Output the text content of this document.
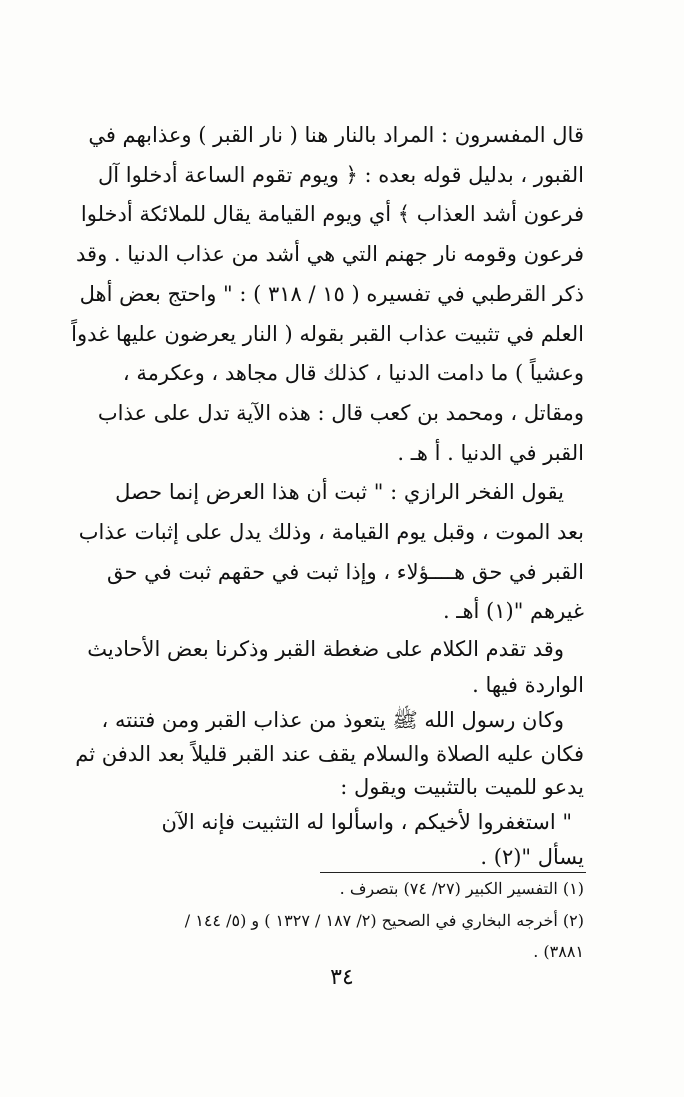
قال المفسرون : المراد بالنار هنا ( نار القبر ) وعذابهم في
القبور ، بدليل قوله بعده : ﴿ ويوم تقوم الساعة أدخلوا آل
فرعون أشد العذاب ﴾ أي ويوم القيامة يقال للملائكة أدخلوا
فرعون وقومه نار جهنم التي هي أشد من عذاب الدنيا . وقد
ذكر القرطبي في تفسيره ( ١٥ / ٣١٨ ) : " واحتج بعض أهل
العلم في تثبيت عذاب القبر بقوله ( النار يعرضون عليها غدواً
وعشياً ) ما دامت الدنيا ، كذلك قال مجاهد ، وعكرمة ،
ومقاتل ، ومحمد بن كعب قال : هذه الآية تدل على عذاب
القبر في الدنيا . أ هـ .
يقول الفخر الرازي : " ثبت أن هذا العرض إنما حصل
بعد الموت ، وقبل يوم القيامة ، وذلك يدل على إثبات عذاب
القبر في حق هــــؤلاء ، وإذا ثبت في حقهم ثبت في حق
غيرهم "(١) أهـ .
وقد تقدم الكلام على ضغطة القبر وذكرنا بعض الأحاديث
الواردة فيها .
وكان رسول الله ﷺ يتعوذ من عذاب القبر ومن فتنته ،
فكان عليه الصلاة والسلام يقف عند القبر قليلاً بعد الدفن ثم
يدعو للميت بالتثبيت ويقول :
" استغفروا لأخيكم ، واسألوا له التثبيت فإنه الآن
يسأل "(٢) .
(١) التفسير الكبير (٢٧/ ٧٤) بتصرف .
(٢) أخرجه البخاري في الصحيح (٢/ ١٨٧ / ١٣٢٧ ) و (٥/ ١٤٤ /
٣٨٨١) .
٣٤
